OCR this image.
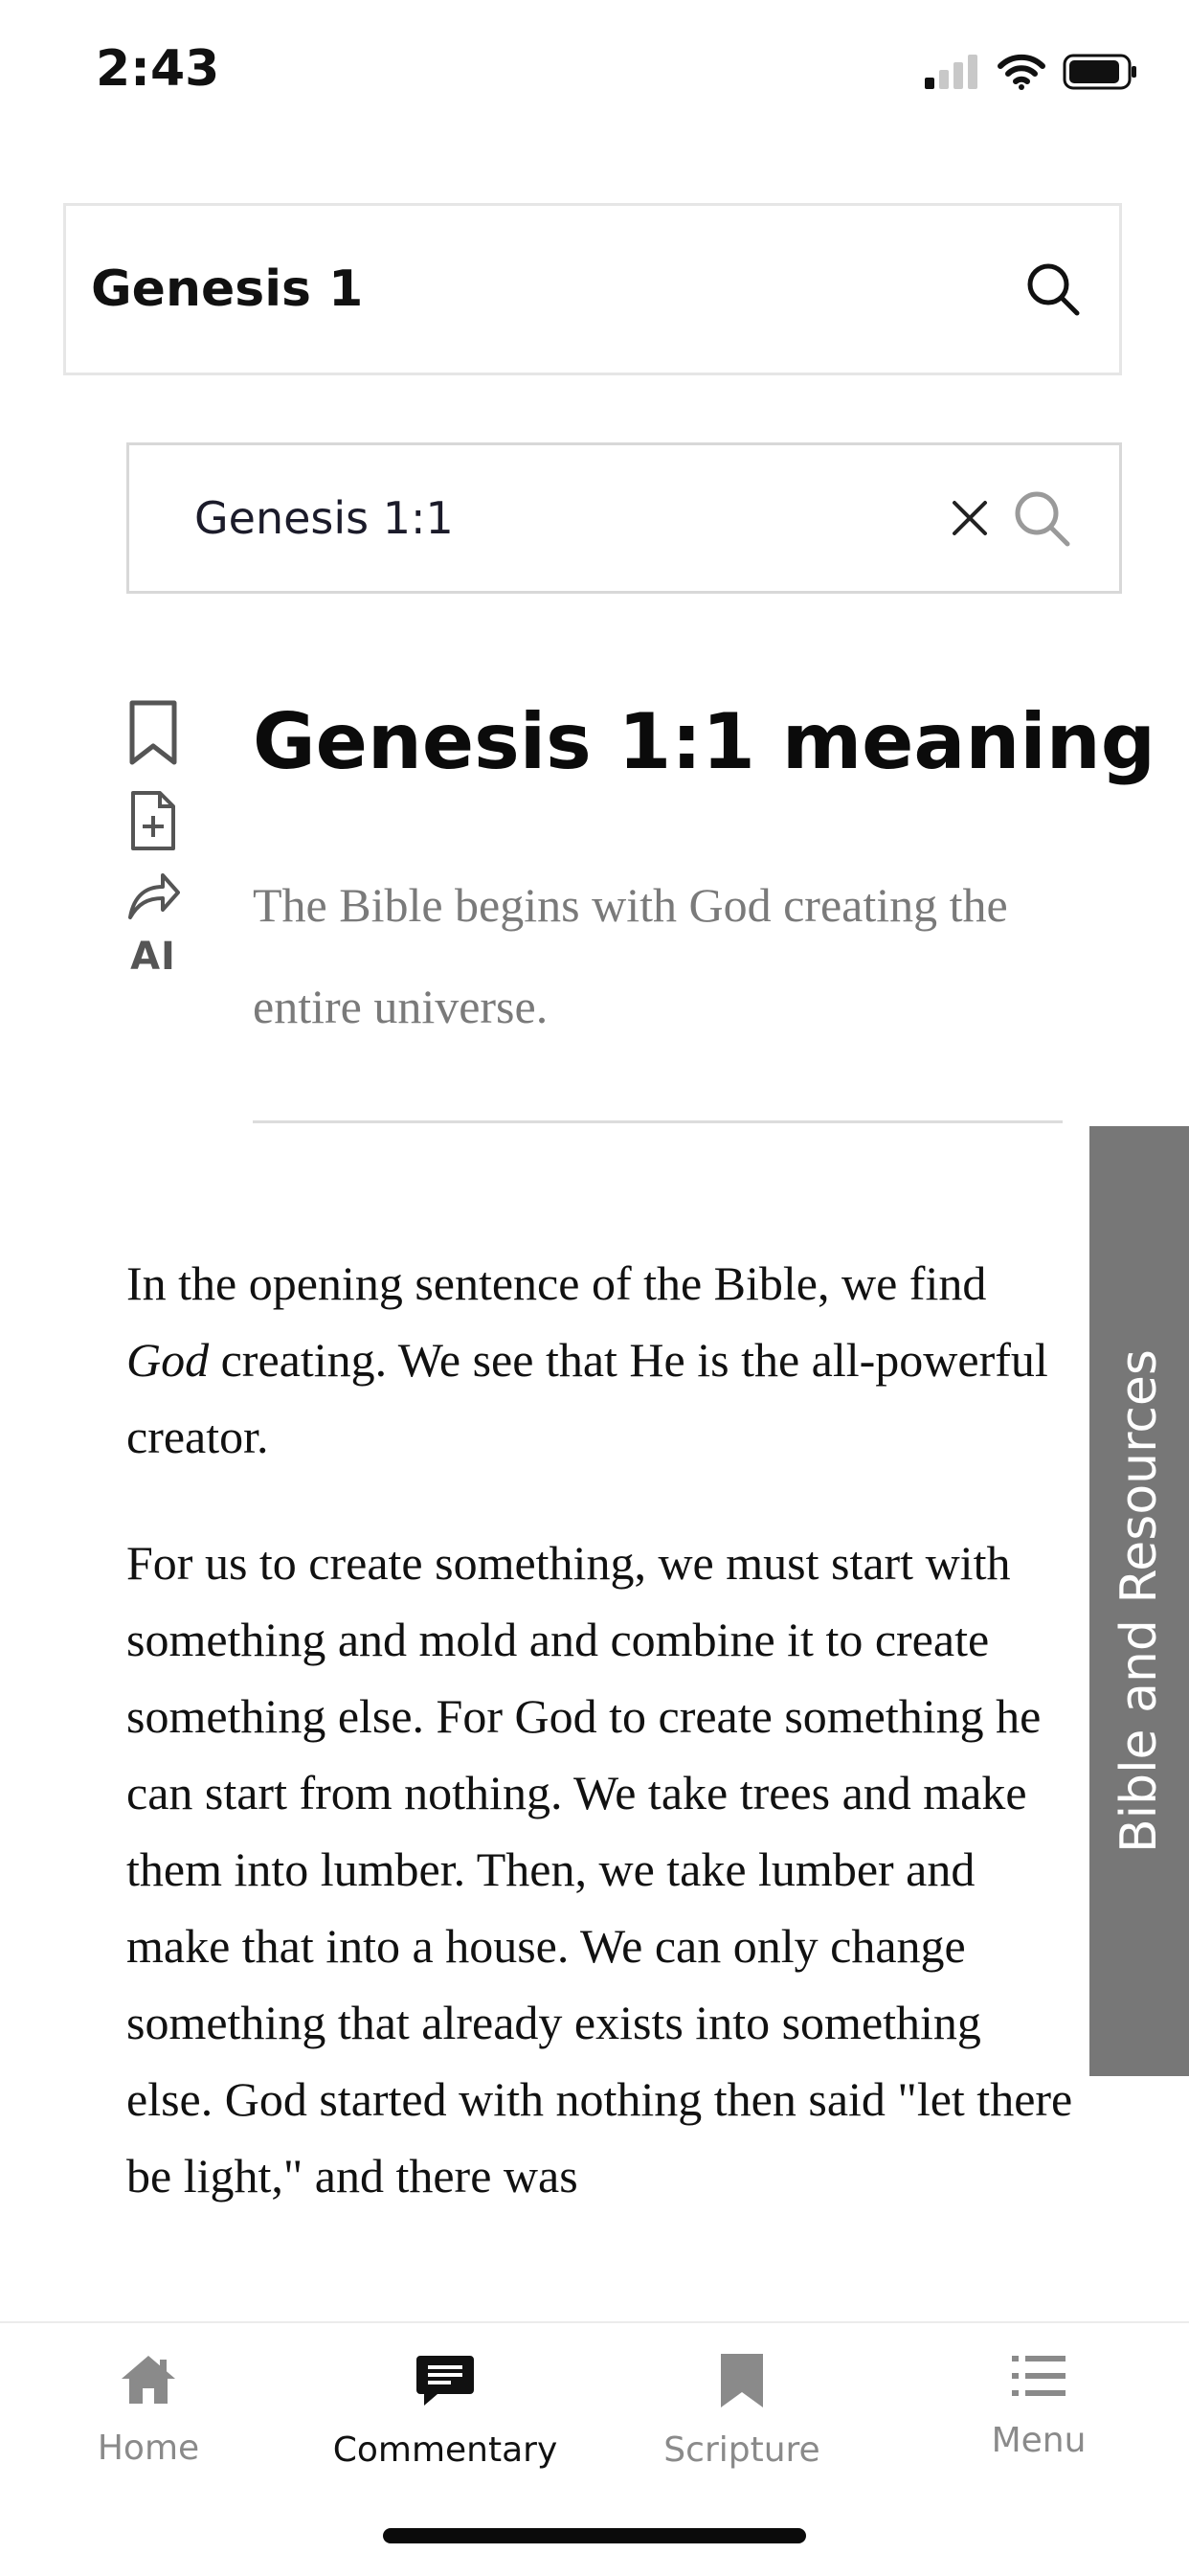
2:43
Genesis 1
Genesis 1:1
AI
Genesis 1:1 meaning
The Bible begins with God creating the entire universe.

In the opening sentence of the Bible, we find God creating. We see that He is the all-powerful creator.

For us to create something, we must start with something and mold and combine it to create something else. For God to create something he can start from nothing. We take trees and make them into lumber. Then, we take lumber and make that into a house. We can only change something that already exists into something else. God started with nothing then said "let there be light," and there was

Bible and Resources
Home	Commentary	Scripture	Menu
